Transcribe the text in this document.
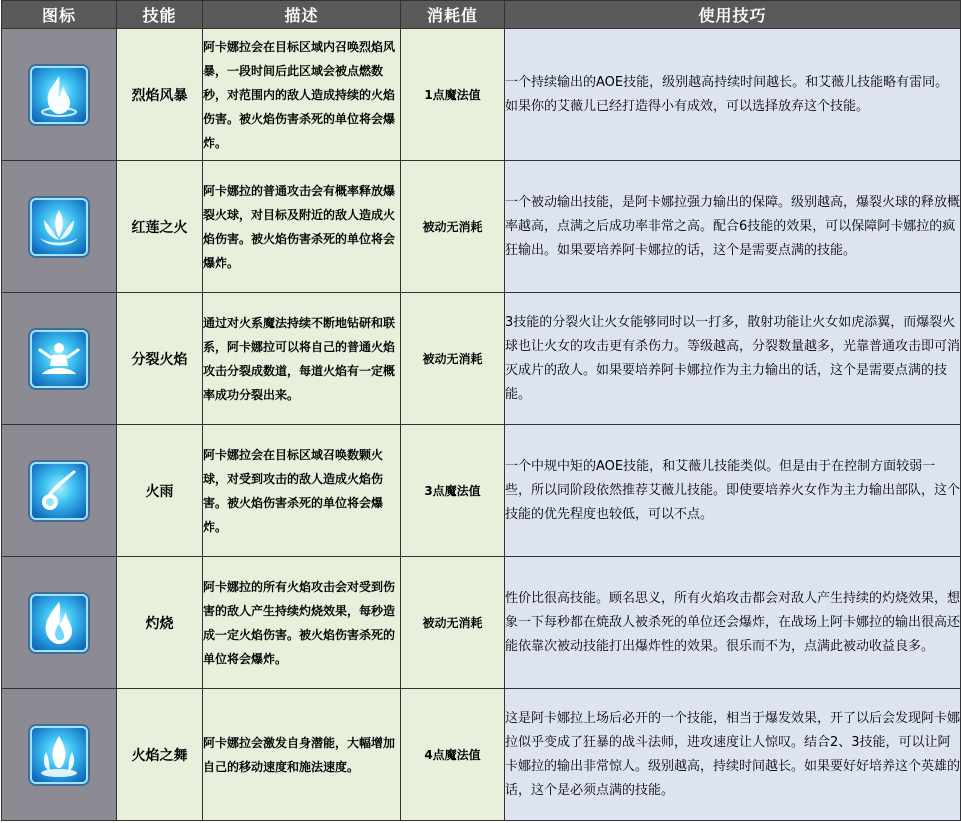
图标	技能	描述	消耗值	使用技巧

	烈焰风暴	阿卡娜拉会在目标区域内召唤烈焰风暴，一段时间后此区域会被点燃数秒，对范围内的敌人造成持续的火焰伤害。被火焰伤害杀死的单位将会爆炸。	1点魔法值	一个持续输出的AOE技能，级别越高持续时间越长。和艾薇儿技能略有雷同。如果你的艾薇儿已经打造得小有成效，可以选择放弃这个技能。

	红莲之火	阿卡娜拉的普通攻击会有概率释放爆裂火球，对目标及附近的敌人造成火焰伤害。被火焰伤害杀死的单位将会爆炸。	被动无消耗	一个被动输出技能，是阿卡娜拉强力输出的保障。级别越高，爆裂火球的释放概率越高，点满之后成功率非常之高。配合6技能的效果，可以保障阿卡娜拉的疯狂输出。如果要培养阿卡娜拉的话，这个是需要点满的技能。

	分裂火焰	通过对火系魔法持续不断地钻研和联系，阿卡娜拉可以将自己的普通火焰攻击分裂成数道，每道火焰有一定概率成功分裂出来。	被动无消耗	3技能的分裂火让火女能够同时以一打多，散射功能让火女如虎添翼，而爆裂火球也让火女的攻击更有杀伤力。等级越高，分裂数量越多，光靠普通攻击即可消灭成片的敌人。如果要培养阿卡娜拉作为主力输出的话，这个是需要点满的技能。

	火雨	阿卡娜拉会在目标区域召唤数颗火球，对受到攻击的敌人造成火焰伤害。被火焰伤害杀死的单位将会爆炸。	3点魔法值	一个中规中矩的AOE技能，和艾薇儿技能类似。但是由于在控制方面较弱一些，所以同阶段依然推荐艾薇儿技能。即使要培养火女作为主力输出部队，这个技能的优先程度也较低，可以不点。

	灼烧	阿卡娜拉的所有火焰攻击会对受到伤害的敌人产生持续灼烧效果，每秒造成一定火焰伤害。被火焰伤害杀死的单位将会爆炸。	被动无消耗	性价比很高技能。顾名思义，所有火焰攻击都会对敌人产生持续的灼烧效果，想象一下每秒都在焼敌人被杀死的单位还会爆炸，在战场上阿卡娜拉的输出很高还能依靠次被动技能打出爆炸性的效果。很乐而不为，点满此被动收益良多。

	火焰之舞	阿卡娜拉会激发自身潜能，大幅增加自己的移动速度和施法速度。	4点魔法值	这是阿卡娜拉上场后必开的一个技能，相当于爆发效果，开了以后会发现阿卡娜拉似乎变成了狂暴的战斗法师，进攻速度让人惊叹。结合2、3技能，可以让阿卡娜拉的输出非常惊人。级别越高，持续时间越长。如果要好好培养这个英雄的话，这个是必须点满的技能。
